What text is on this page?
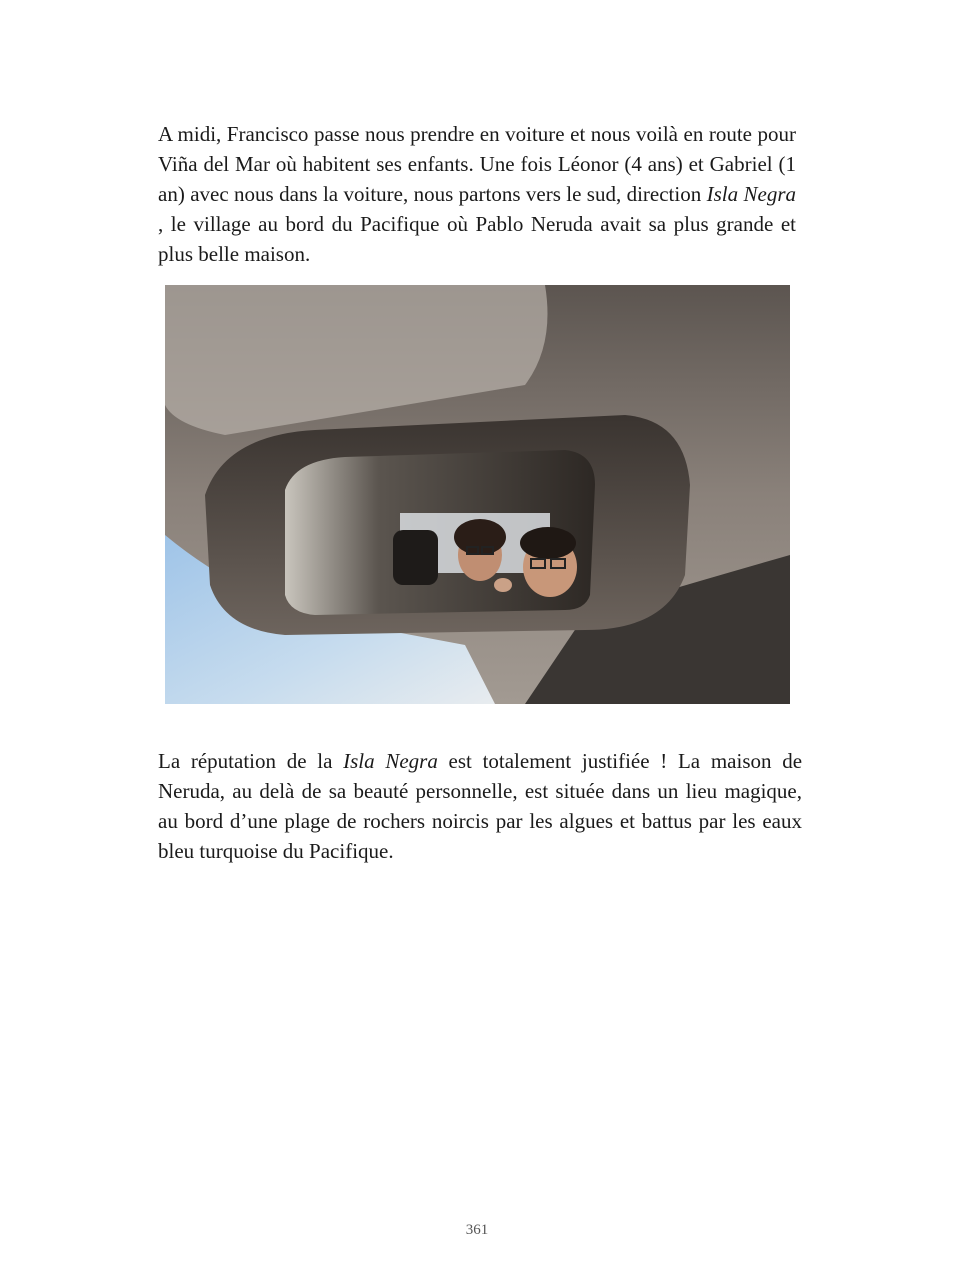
A midi, Francisco passe nous prendre en voiture et nous voilà en route pour Viña del Mar où habitent ses enfants. Une fois Léonor (4 ans) et Gabriel (1 an) avec nous dans la voiture, nous partons vers le sud, direction Isla Negra , le village au bord du Pacifique où Pablo Neruda avait sa plus grande et plus belle maison.

La réputation de la Isla Negra est totalement justifiée ! La maison de Neruda, au delà de sa beauté personnelle, est située dans un lieu magique, au bord d’une plage de rochers noircis par les algues et battus par les eaux bleu turquoise du Pacifique.

361
